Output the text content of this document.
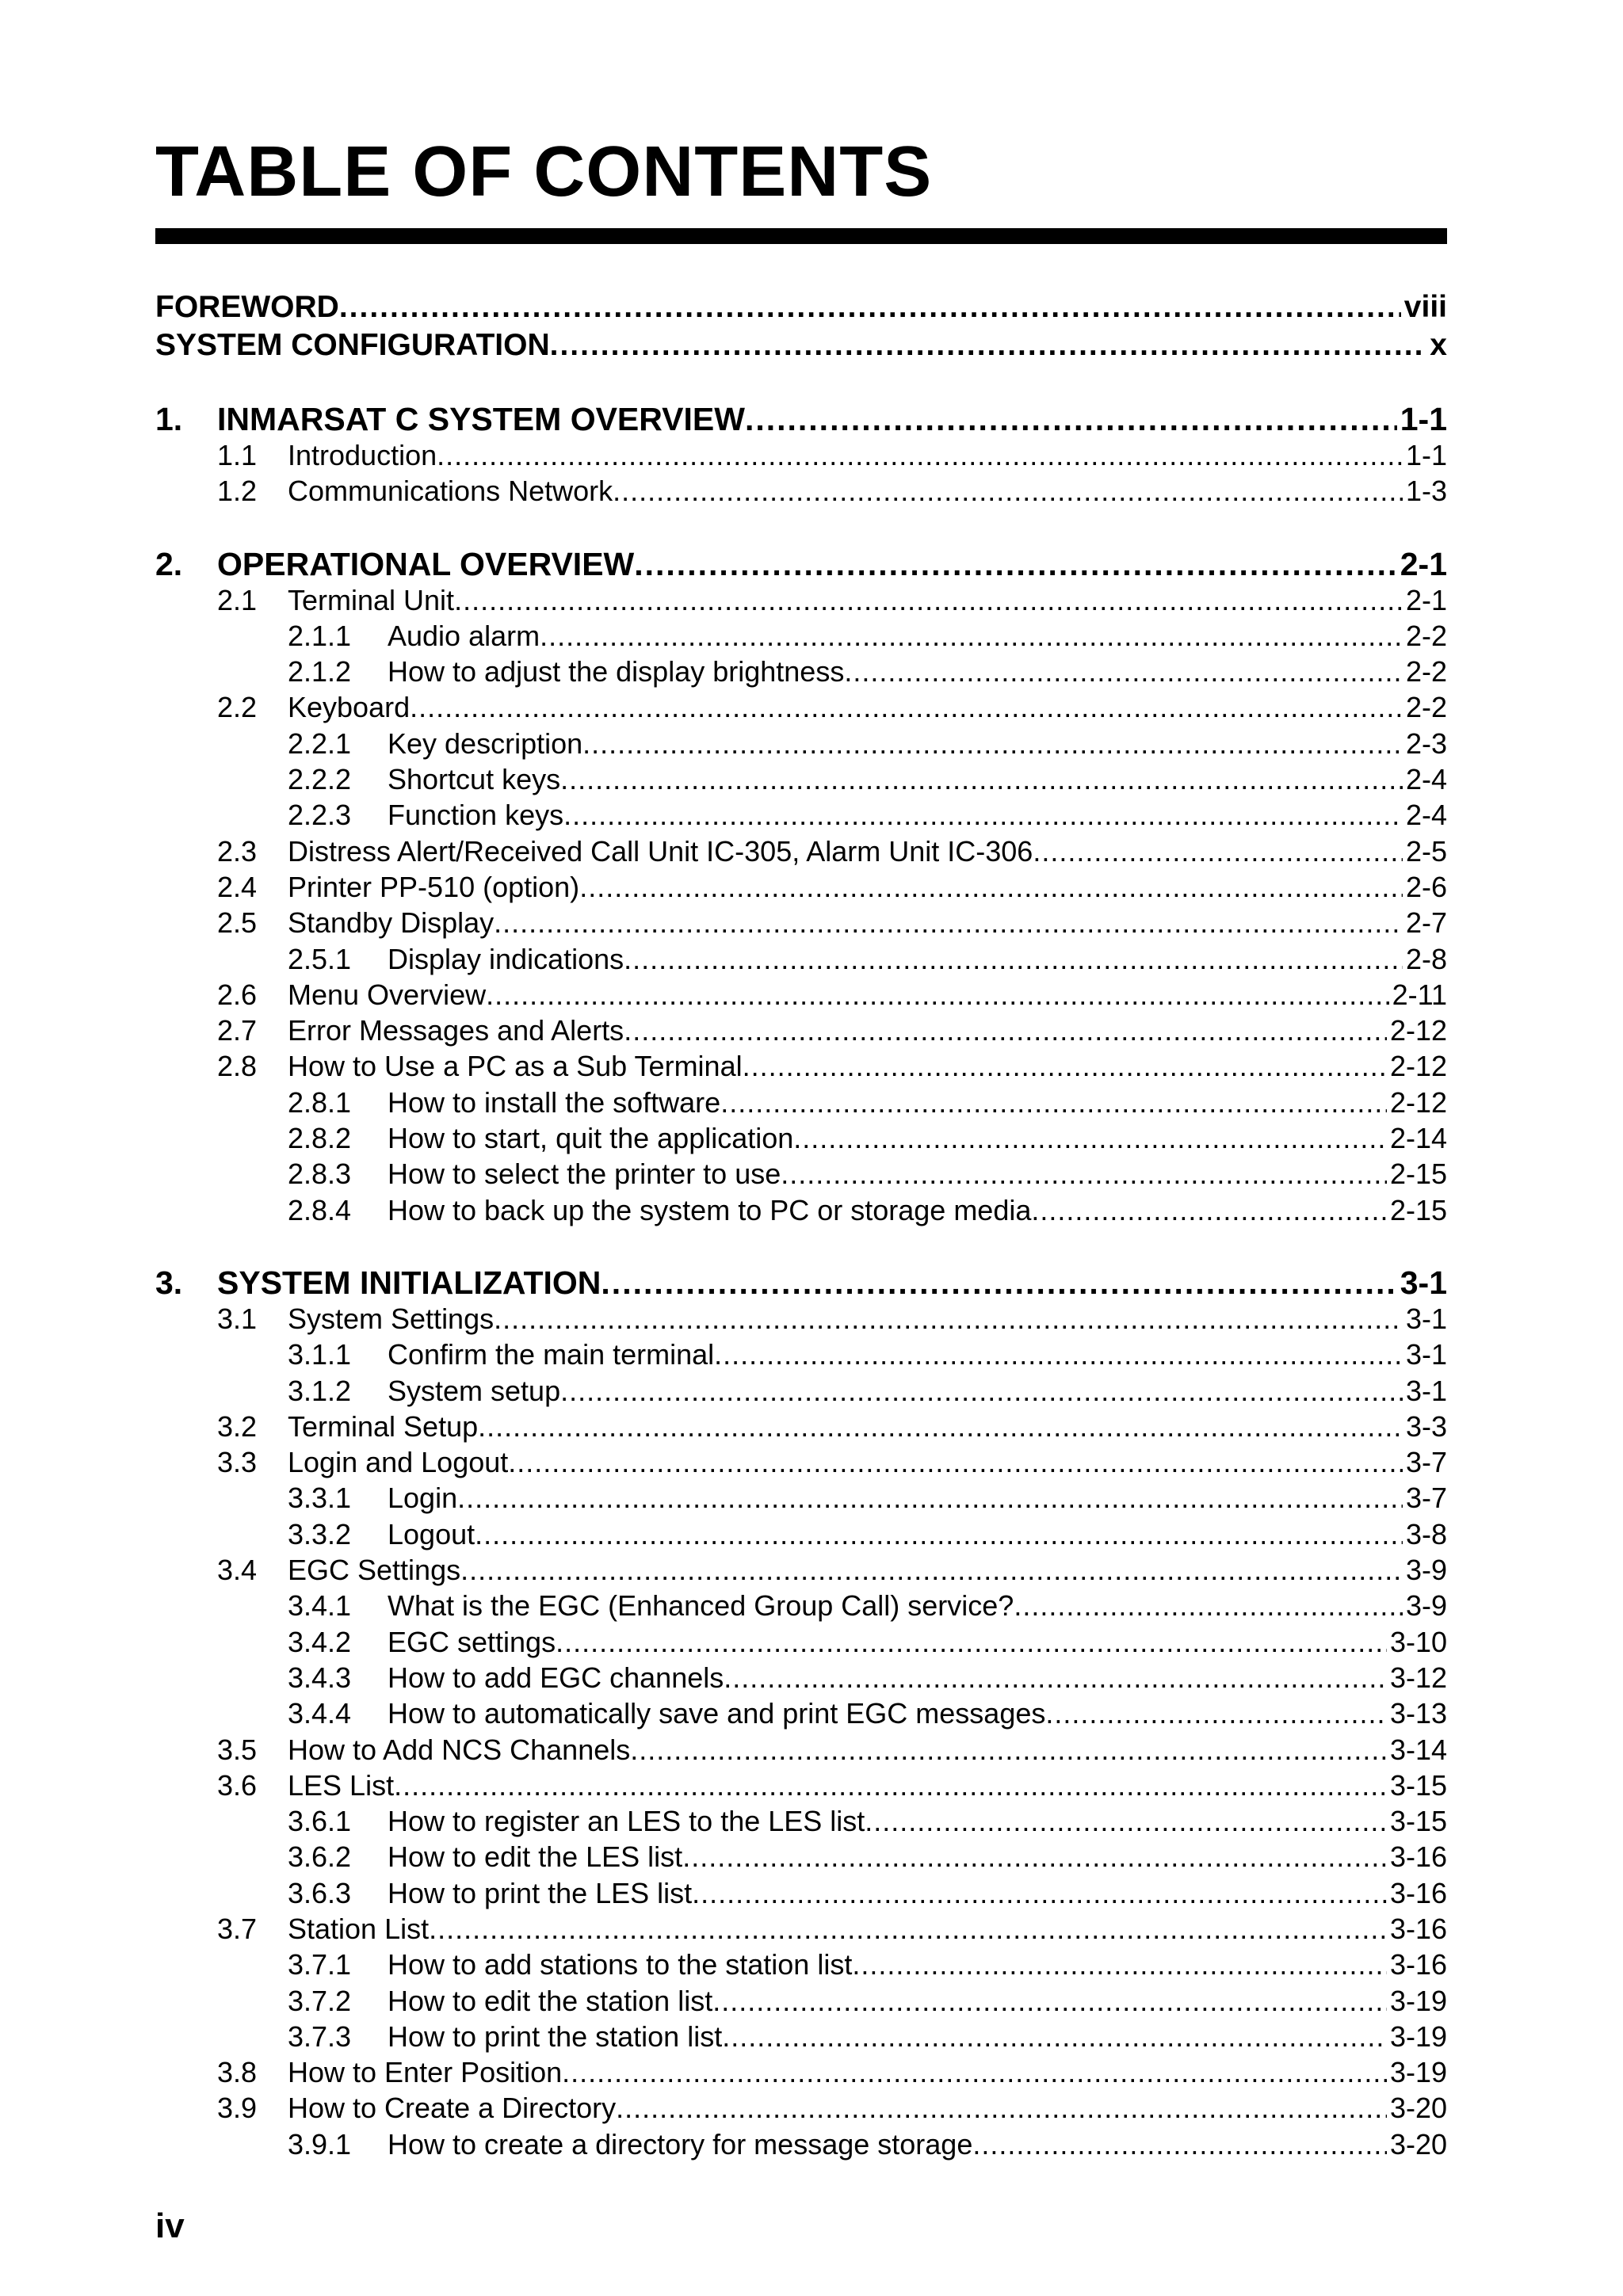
TABLE OF CONTENTS
FOREWORD .....	viii
SYSTEM CONFIGURATION .....	x
1.	INMARSAT C SYSTEM OVERVIEW .....	1-1
1.1	Introduction .....	1-1
1.2	Communications Network .....	1-3
2.	OPERATIONAL OVERVIEW .....	2-1
2.1	Terminal Unit .....	2-1
2.1.1	Audio alarm .....	2-2
2.1.2	How to adjust the display brightness .....	2-2
2.2	Keyboard .....	2-2
2.2.1	Key description .....	2-3
2.2.2	Shortcut keys .....	2-4
2.2.3	Function keys .....	2-4
2.3	Distress Alert/Received Call Unit IC-305, Alarm Unit IC-306 .....	2-5
2.4	Printer PP-510 (option) .....	2-6
2.5	Standby Display .....	2-7
2.5.1	Display indications .....	2-8
2.6	Menu Overview .....	2-11
2.7	Error Messages and Alerts .....	2-12
2.8	How to Use a PC as a Sub Terminal .....	2-12
2.8.1	How to install the software .....	2-12
2.8.2	How to start, quit the application .....	2-14
2.8.3	How to select the printer to use .....	2-15
2.8.4	How to back up the system to PC or storage media .....	2-15
3.	SYSTEM INITIALIZATION .....	3-1
3.1	System Settings .....	3-1
3.1.1	Confirm the main terminal .....	3-1
3.1.2	System setup .....	3-1
3.2	Terminal Setup .....	3-3
3.3	Login and Logout .....	3-7
3.3.1	Login .....	3-7
3.3.2	Logout .....	3-8
3.4	EGC Settings .....	3-9
3.4.1	What is the EGC (Enhanced Group Call) service? .....	3-9
3.4.2	EGC settings .....	3-10
3.4.3	How to add EGC channels .....	3-12
3.4.4	How to automatically save and print EGC messages .....	3-13
3.5	How to Add NCS Channels .....	3-14
3.6	LES List .....	3-15
3.6.1	How to register an LES to the LES list .....	3-15
3.6.2	How to edit the LES list .....	3-16
3.6.3	How to print the LES list .....	3-16
3.7	Station List .....	3-16
3.7.1	How to add stations to the station list .....	3-16
3.7.2	How to edit the station list .....	3-19
3.7.3	How to print the station list .....	3-19
3.8	How to Enter Position .....	3-19
3.9	How to Create a Directory .....	3-20
3.9.1	How to create a directory for message storage .....	3-20
iv
